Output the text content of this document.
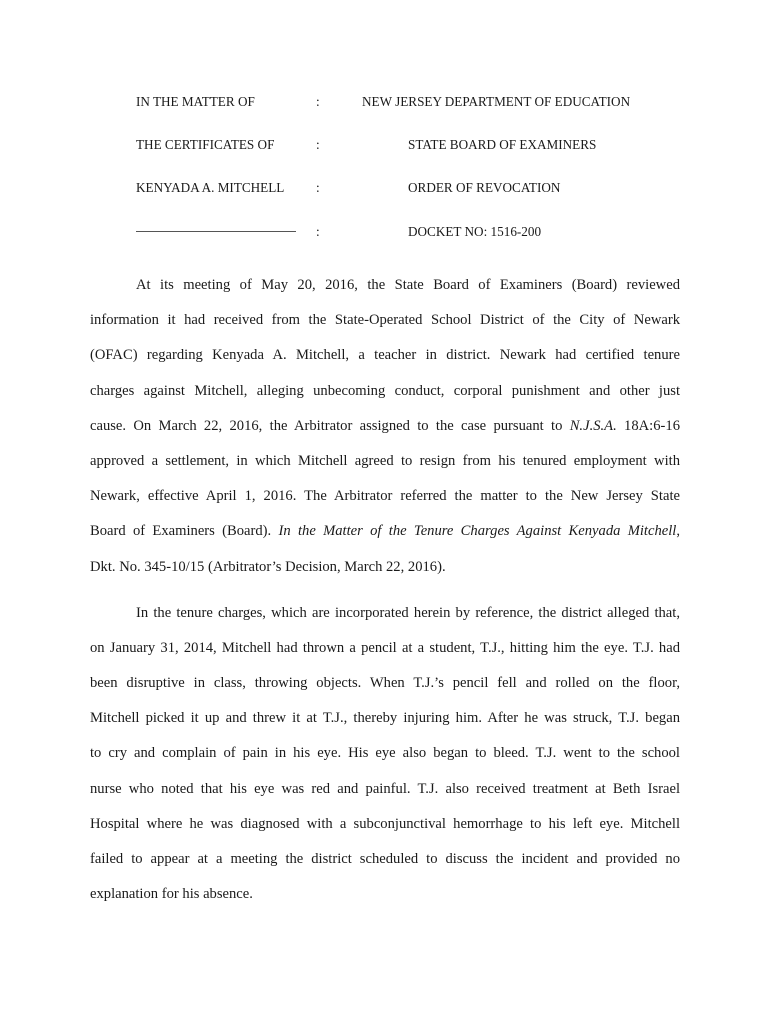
IN THE MATTER OF	:	NEW JERSEY DEPARTMENT OF EDUCATION
THE CERTIFICATES OF	:	STATE BOARD OF EXAMINERS
KENYADA A. MITCHELL :	ORDER OF REVOCATION
:	DOCKET NO: 1516-200

At its meeting of May 20, 2016, the State Board of Examiners (Board) reviewed
information it had received from the State-Operated School District of the City of Newark
(OFAC) regarding Kenyada A. Mitchell, a teacher in district. Newark had certified tenure
charges against Mitchell, alleging unbecoming conduct, corporal punishment and other just
cause. On March 22, 2016, the Arbitrator assigned to the case pursuant to N.J.S.A. 18A:6-16
approved a settlement, in which Mitchell agreed to resign from his tenured employment with
Newark, effective April 1, 2016. The Arbitrator referred the matter to the New Jersey State
Board of Examiners (Board). In the Matter of the Tenure Charges Against Kenyada Mitchell,
Dkt. No. 345-10/15 (Arbitrator’s Decision, March 22, 2016).

In the tenure charges, which are incorporated herein by reference, the district alleged that,
on January 31, 2014, Mitchell had thrown a pencil at a student, T.J., hitting him the eye. T.J. had
been disruptive in class, throwing objects. When T.J.’s pencil fell and rolled on the floor,
Mitchell picked it up and threw it at T.J., thereby injuring him. After he was struck, T.J. began
to cry and complain of pain in his eye. His eye also began to bleed. T.J. went to the school
nurse who noted that his eye was red and painful. T.J. also received treatment at Beth Israel
Hospital where he was diagnosed with a subconjunctival hemorrhage to his left eye. Mitchell
failed to appear at a meeting the district scheduled to discuss the incident and provided no
explanation for his absence.
